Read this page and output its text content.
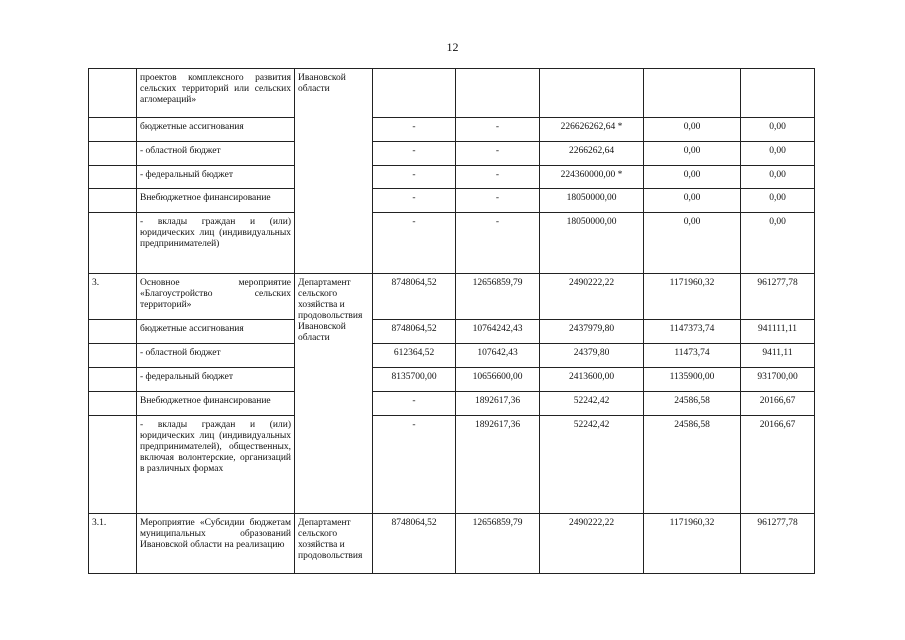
12
	проектов комплексного развития сельских территорий или сельских агломераций»	Ивановской области					
	бюджетные ассигнования		-	-	226626262,64 *	0,00	0,00
	- областной бюджет		-	-	2266262,64	0,00	0,00
	- федеральный бюджет		-	-	224360000,00 *	0,00	0,00
	Внебюджетное финансирование		-	-	18050000,00	0,00	0,00
	- вклады граждан и (или) юридических лиц (индивидуальных предпринимателей)		-	-	18050000,00	0,00	0,00
3.	Основное мероприятие «Благоустройство сельских территорий»	Департамент сельского хозяйства и продовольствия Ивановской области	8748064,52	12656859,79	2490222,22	1171960,32	961277,78
	бюджетные ассигнования		8748064,52	10764242,43	2437979,80	1147373,74	941111,11
	- областной бюджет		612364,52	107642,43	24379,80	11473,74	9411,11
	- федеральный бюджет		8135700,00	10656600,00	2413600,00	1135900,00	931700,00
	Внебюджетное финансирование		-	1892617,36	52242,42	24586,58	20166,67
	- вклады граждан и (или) юридических лиц (индивидуальных предпринимателей), общественных, включая волонтерские, организаций в различных формах		-	1892617,36	52242,42	24586,58	20166,67
3.1.	Мероприятие «Субсидии бюджетам муниципальных образований Ивановской области на реализацию	Департамент сельского хозяйства и продовольствия	8748064,52	12656859,79	2490222,22	1171960,32	961277,78
